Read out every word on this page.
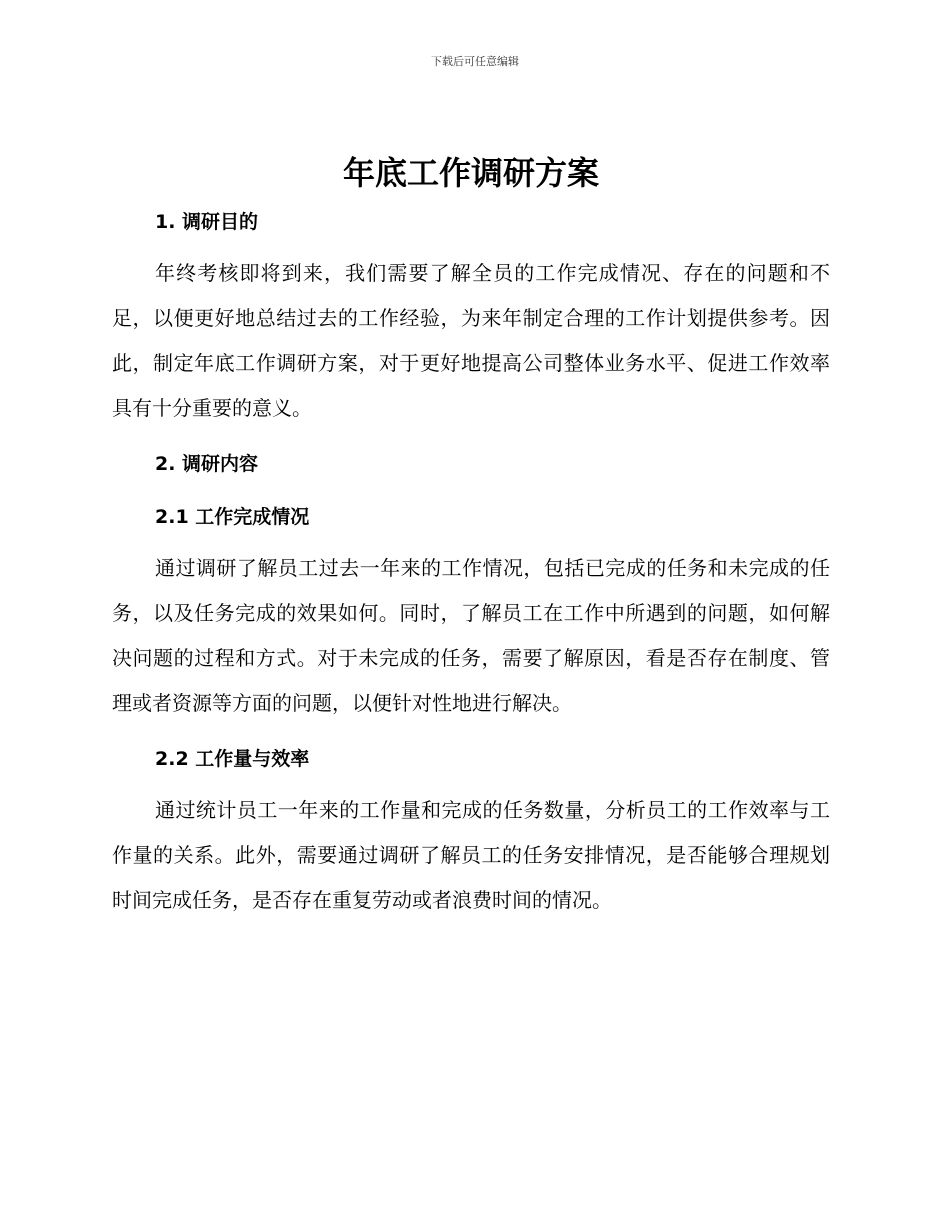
下载后可任意编辑
年底工作调研方案
1. 调研目的

年终考核即将到来，我们需要了解全员的工作完成情况、存在的问题和不足，以便更好地总结过去的工作经验，为来年制定合理的工作计划提供参考。因此，制定年底工作调研方案，对于更好地提高公司整体业务水平、促进工作效率具有十分重要的意义。

2. 调研内容
2.1 工作完成情况

通过调研了解员工过去一年来的工作情况，包括已完成的任务和未完成的任务，以及任务完成的效果如何。同时，了解员工在工作中所遇到的问题，如何解决问题的过程和方式。对于未完成的任务，需要了解原因，看是否存在制度、管理或者资源等方面的问题，以便针对性地进行解决。

2.2 工作量与效率

通过统计员工一年来的工作量和完成的任务数量，分析员工的工作效率与工作量的关系。此外，需要通过调研了解员工的任务安排情况，是否能够合理规划时间完成任务，是否存在重复劳动或者浪费时间的情况。
